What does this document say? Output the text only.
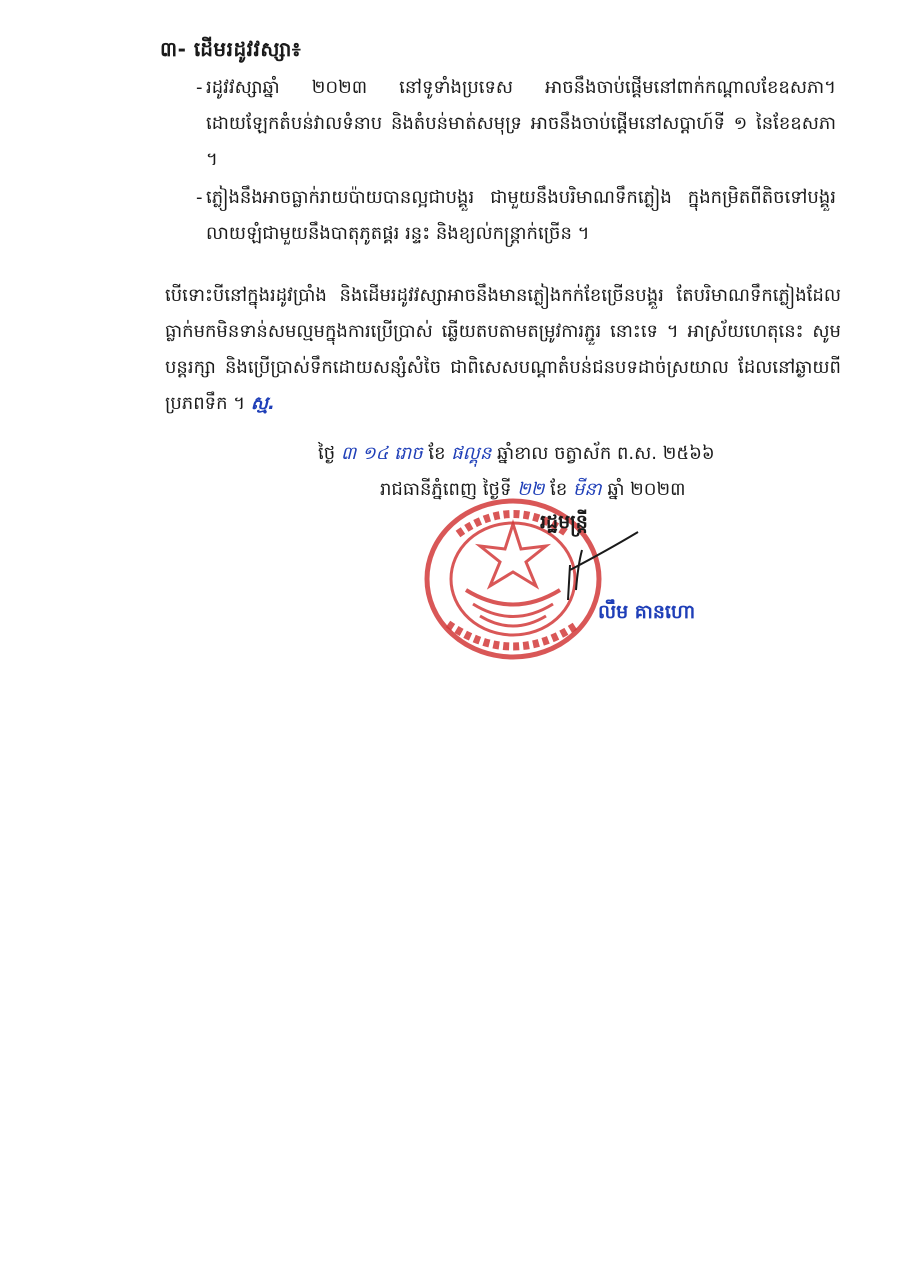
៣- ដើមរដូវវស្សា៖
- រដូវវស្សាឆ្នាំ ២០២៣ នៅទូទាំងប្រទេស អាចនឹងចាប់ផ្តើមនៅពាក់កណ្តាលខែឧសភា។ ដោយឡែកតំបន់វាលទំនាប និងតំបន់មាត់សមុទ្រ អាចនឹងចាប់ផ្តើមនៅសប្តាហ៍ទី ១ នៃខែឧសភា ។
- ភ្លៀងនឹងអាចធ្លាក់រាយប៉ាយបានល្អជាបង្គួរ ជាមួយនឹងបរិមាណទឹកភ្លៀង ក្នុងកម្រិតពីតិចទៅបង្គួរ លាយឡំជាមួយនឹងបាតុភូតផ្គរ រន្ទះ និងខ្យល់កន្ត្រាក់ច្រើន ។
បើទោះបីនៅក្នុងរដូវប្រាំង និងដើមរដូវវស្សាអាចនឹងមានភ្លៀងកក់ខែច្រើនបង្គួរ តែបរិមាណទឹកភ្លៀងដែលធ្លាក់មកមិនទាន់សមល្មមក្នុងការប្រើប្រាស់ ឆ្លើយតបតាមតម្រូវការភ្ជួរ នោះទេ ។ អាស្រ័យហេតុនេះ សូមបន្តរក្សា និងប្រើប្រាស់ទឹកដោយសន្សំសំចៃ ជាពិសេសបណ្តាតំបន់ជនបទដាច់ស្រយាល ដែលនៅឆ្ងាយពីប្រភពទឹក ។ ស្ម.
ថ្ងៃ ៣ ១៤ រោច ខែ ផល្គុន ឆ្នាំខាល ចត្វាស័ក ព.ស. ២៥៦៦
រាជធានីភ្នំពេញ ថ្ងៃទី ២២ ខែ មីនា ឆ្នាំ ២០២៣
រដ្ឋមន្ត្រី
លឹម គានហោ
